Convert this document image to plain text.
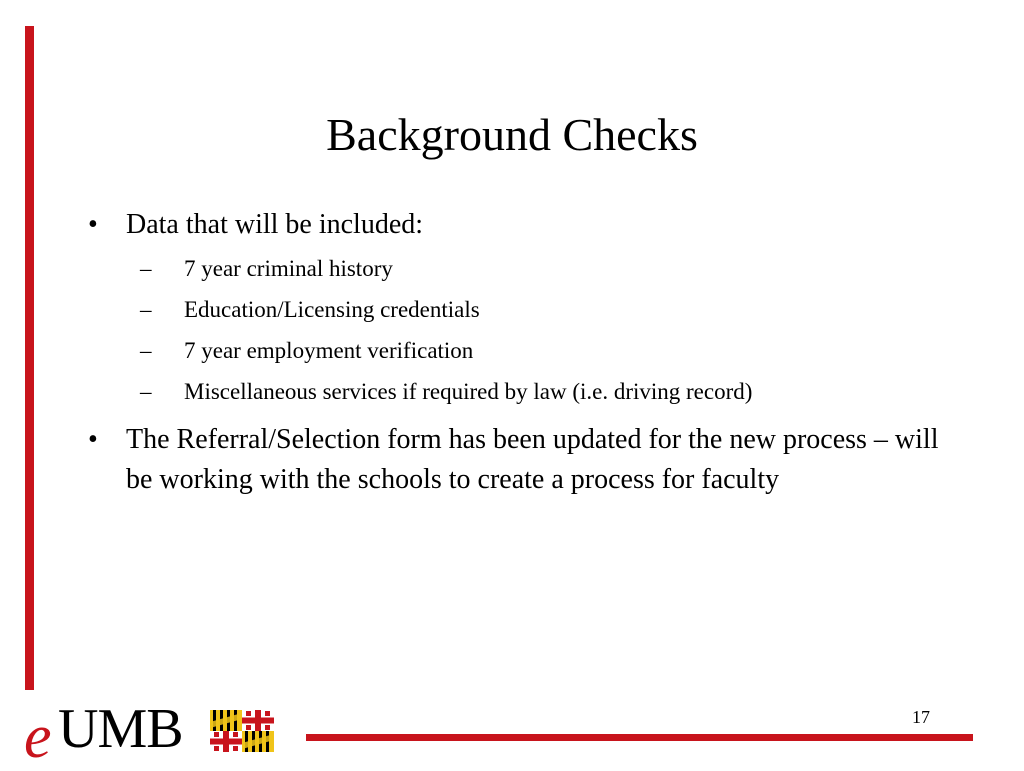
Background Checks
•	Data that will be included:
– 7 year criminal history
– Education/Licensing credentials
– 7 year employment verification
– Miscellaneous services if required by law (i.e. driving record)
•	The Referral/Selection form has been updated for the new process – will be working with the schools to create a process for faculty
e UMB	17
